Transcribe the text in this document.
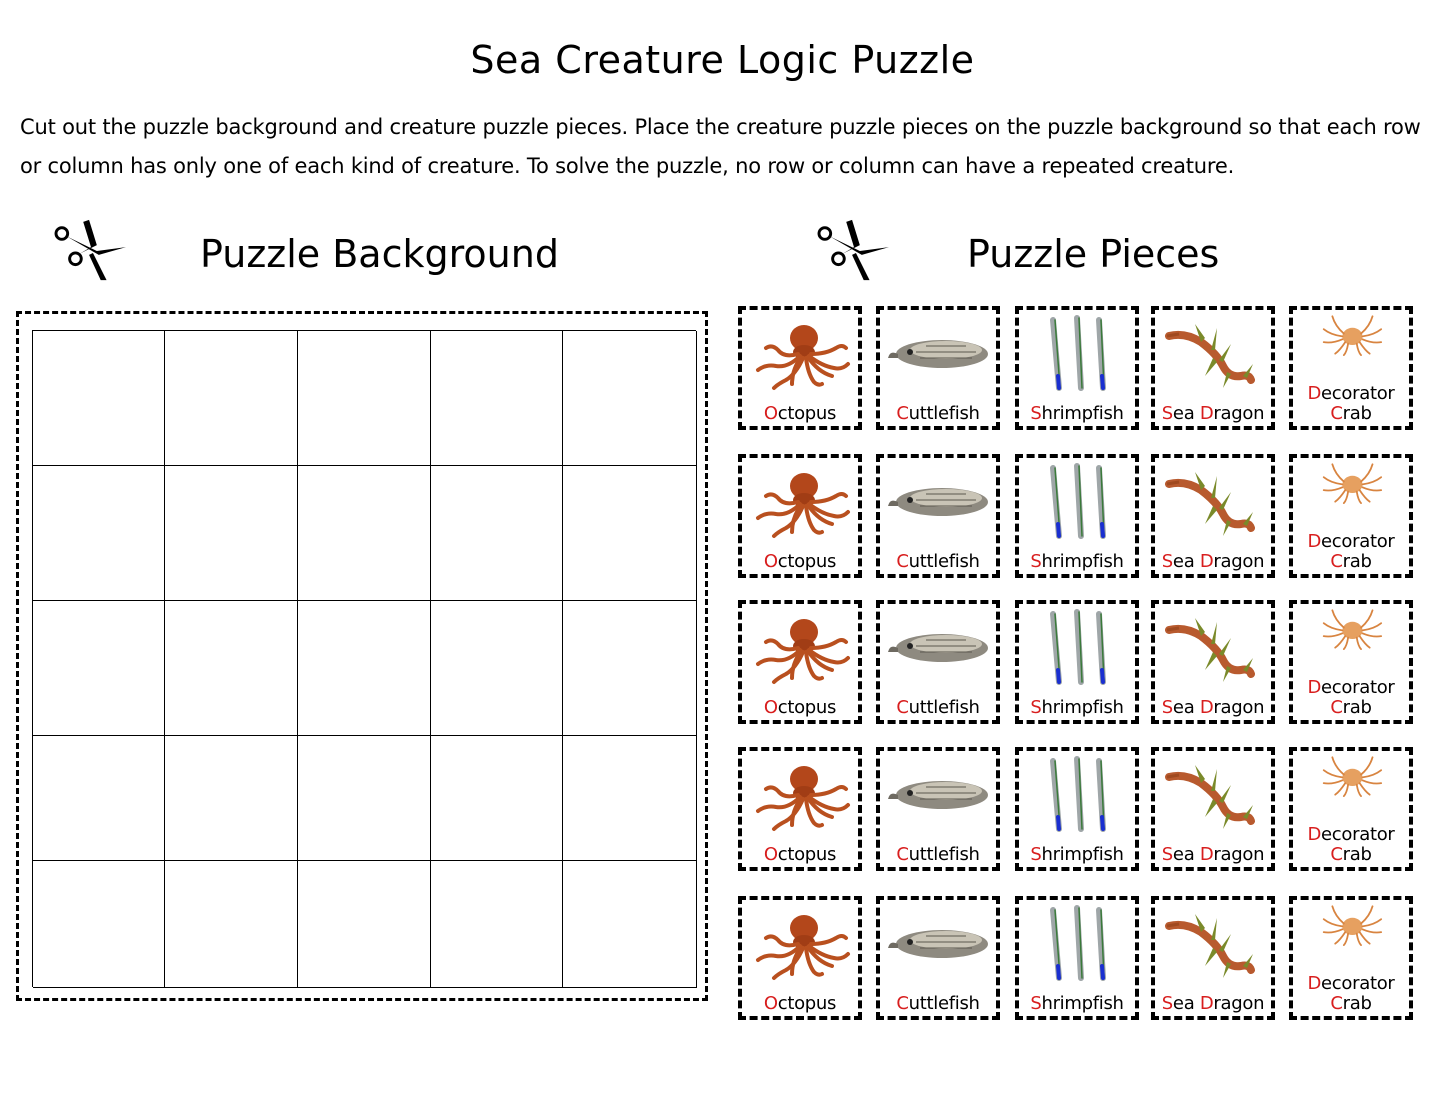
Sea Creature Logic Puzzle
Cut out the puzzle background and creature puzzle pieces. Place the creature puzzle pieces on the puzzle background so that each row or column has only one of each kind of creature. To solve the puzzle, no row or column can have a repeated creature.
Puzzle Background	Puzzle Pieces
Octopus	Cuttlefish	Shrimpfish	Sea Dragon
Decorator
Crab
Octopus	Cuttlefish	Shrimpfish	Sea Dragon
Decorator
Crab
Octopus	Cuttlefish	Shrimpfish	Sea Dragon
Decorator
Crab
Octopus	Cuttlefish	Shrimpfish	Sea Dragon
Decorator
Crab
Octopus	Cuttlefish	Shrimpfish	Sea Dragon
Decorator
Crab
